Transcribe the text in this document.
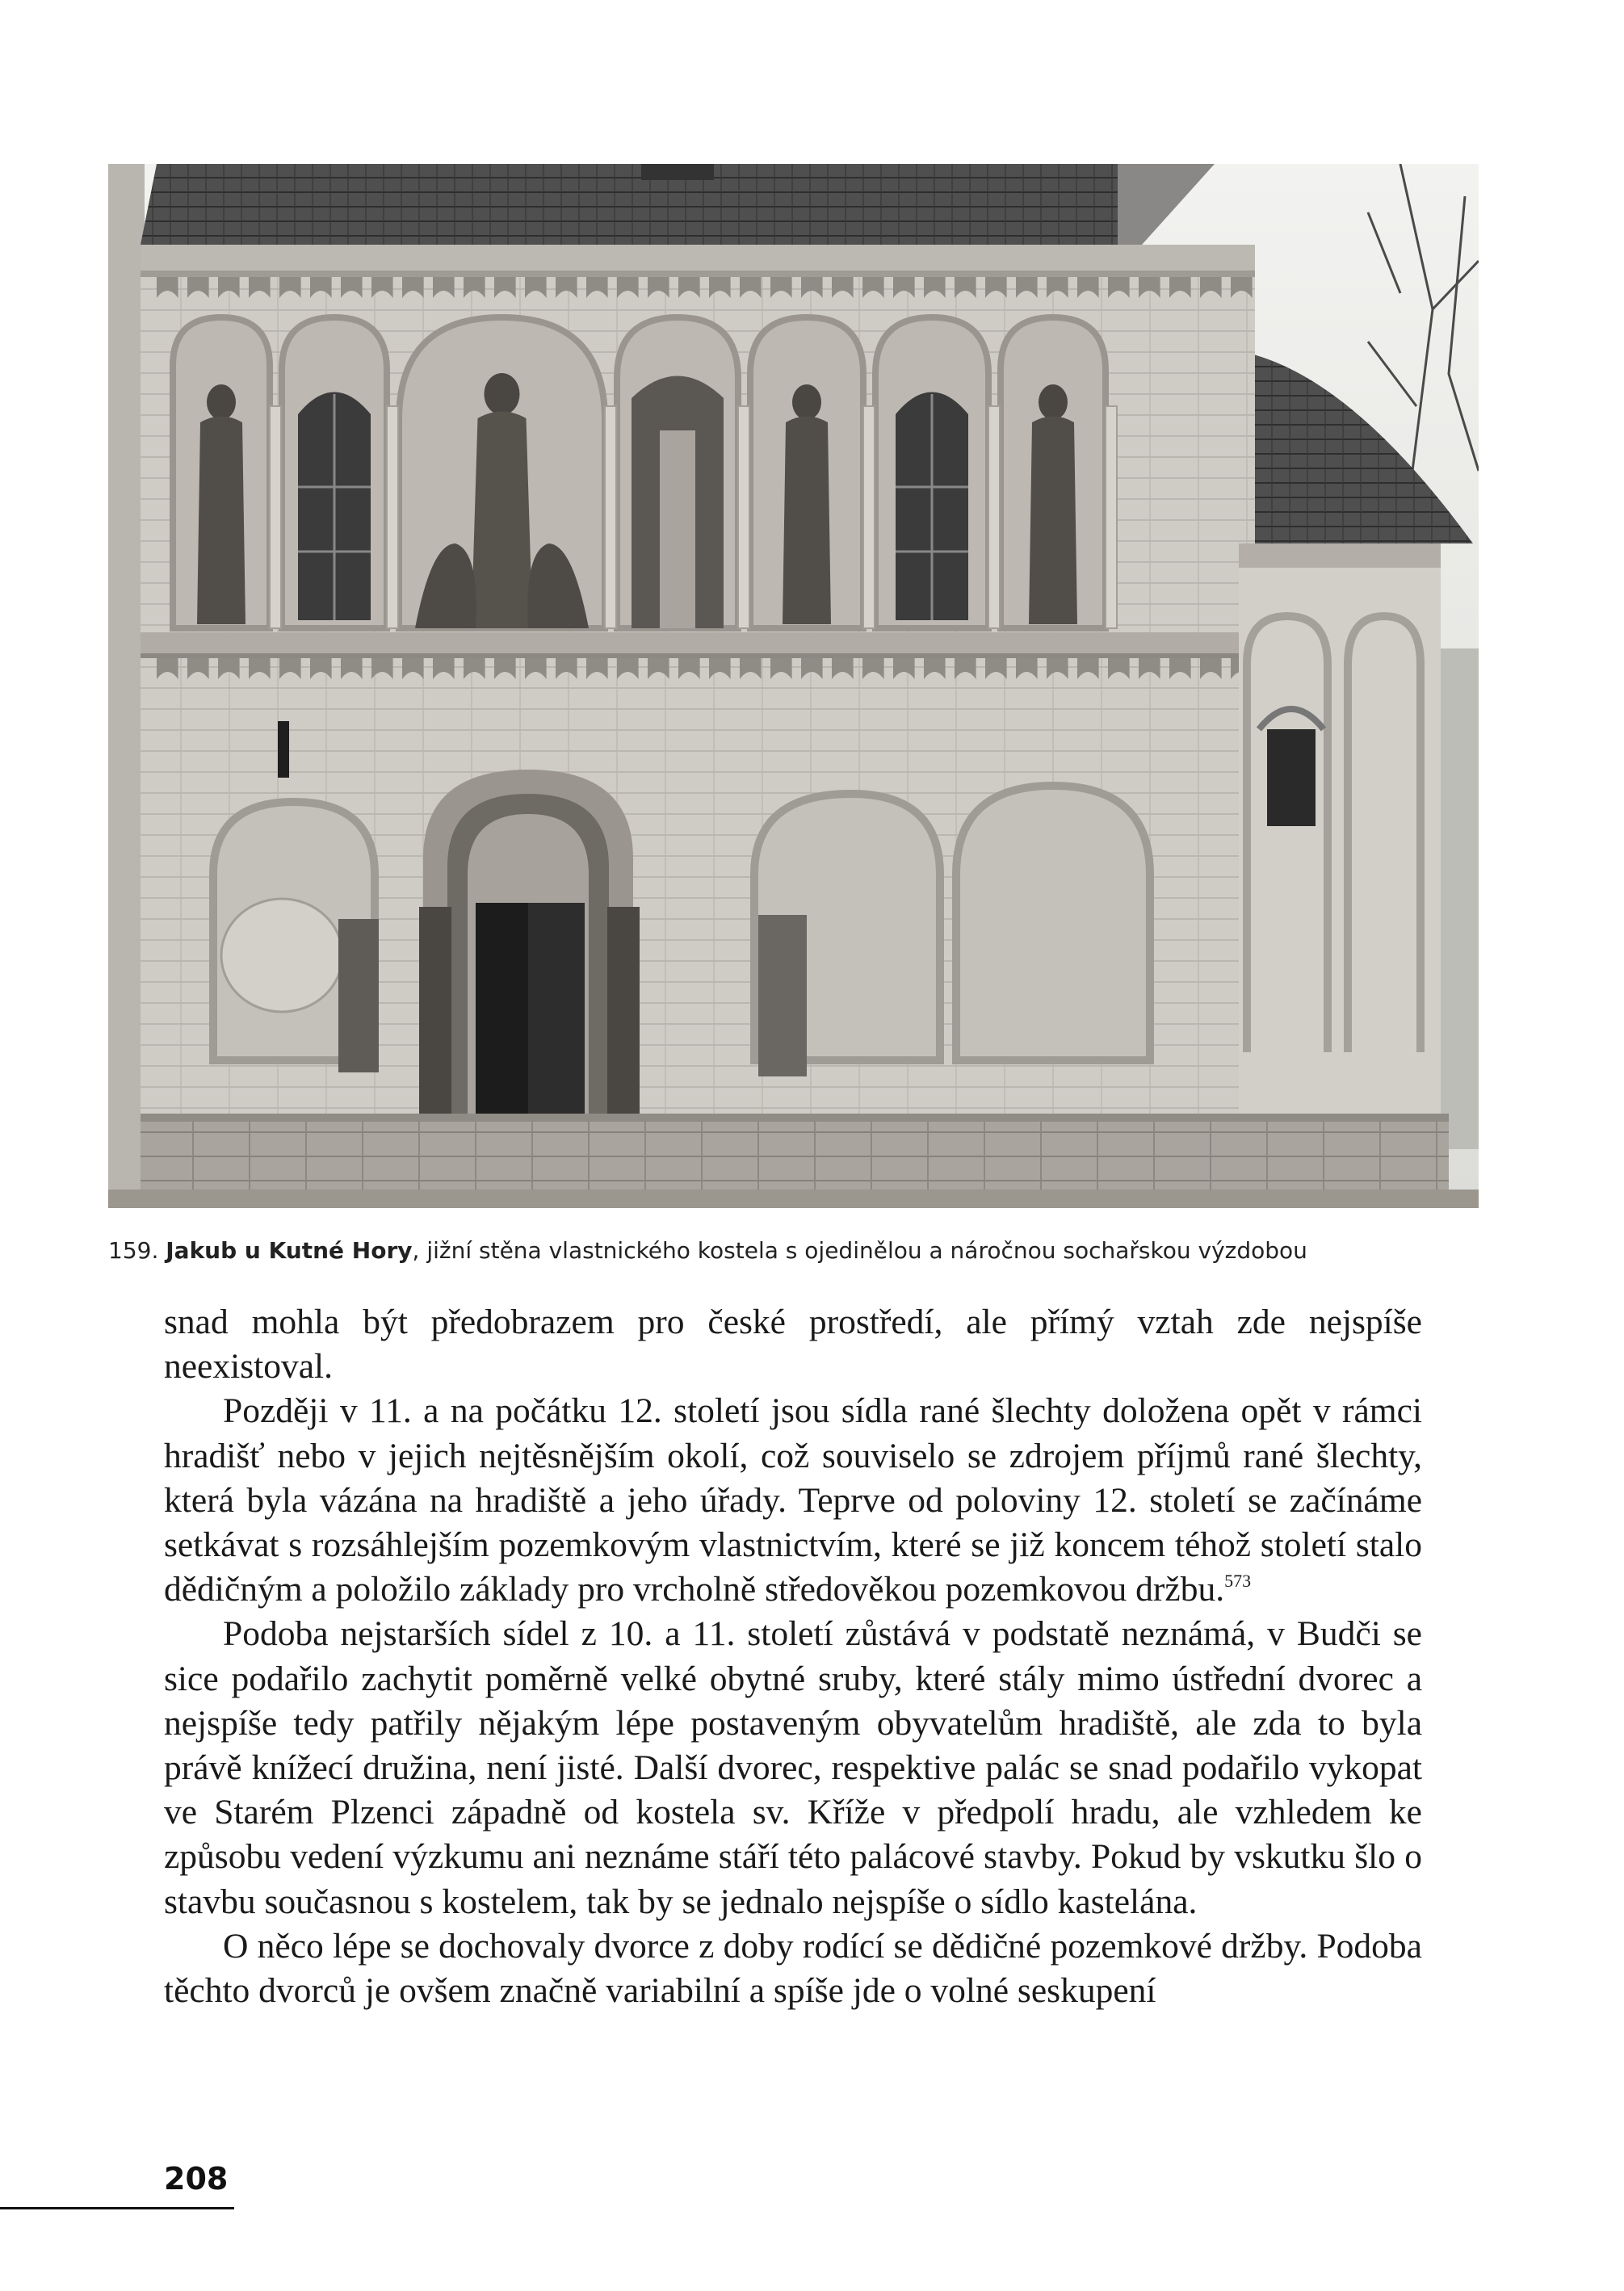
159. Jakub u Kutné Hory, jižní stěna vlastnického kostela s ojedinělou a náročnou sochařskou výzdobou

snad mohla být předobrazem pro české prostředí, ale přímý vztah zde nejspíše neexistoval.

Později v 11. a na počátku 12. století jsou sídla rané šlechty doložena opět v rámci hradišť nebo v jejich nejtěsnějším okolí, což souviselo se zdrojem příjmů rané šlechty, která byla vázána na hradiště a jeho úřady. Teprve od poloviny 12. století se začínáme setkávat s rozsáhlejším pozemkovým vlastnictvím, které se již koncem téhož století stalo dědičným a položilo základy pro vrcholně středověkou pozemkovou držbu.$^{573}$

Podoba nejstarších sídel z 10. a 11. století zůstává v podstatě neznámá, v Budči se sice podařilo zachytit poměrně velké obytné sruby, které stály mimo ústřední dvorec a nejspíše tedy patřily nějakým lépe postaveným obyvatelům hradiště, ale zda to byla právě knížecí družina, není jisté. Další dvorec, respektive palác se snad podařilo vykopat ve Starém Plzenci západně od kostela sv. Kříže v předpolí hradu, ale vzhledem ke způsobu vedení výzkumu ani neznáme stáří této palácové stavby. Pokud by vskutku šlo o stavbu současnou s kostelem, tak by se jednalo nejspíše o sídlo kastelána.

O něco lépe se dochovaly dvorce z doby rodící se dědičné pozemkové držby. Podoba těchto dvorců je ovšem značně variabilní a spíše jde o volné seskupení

208
